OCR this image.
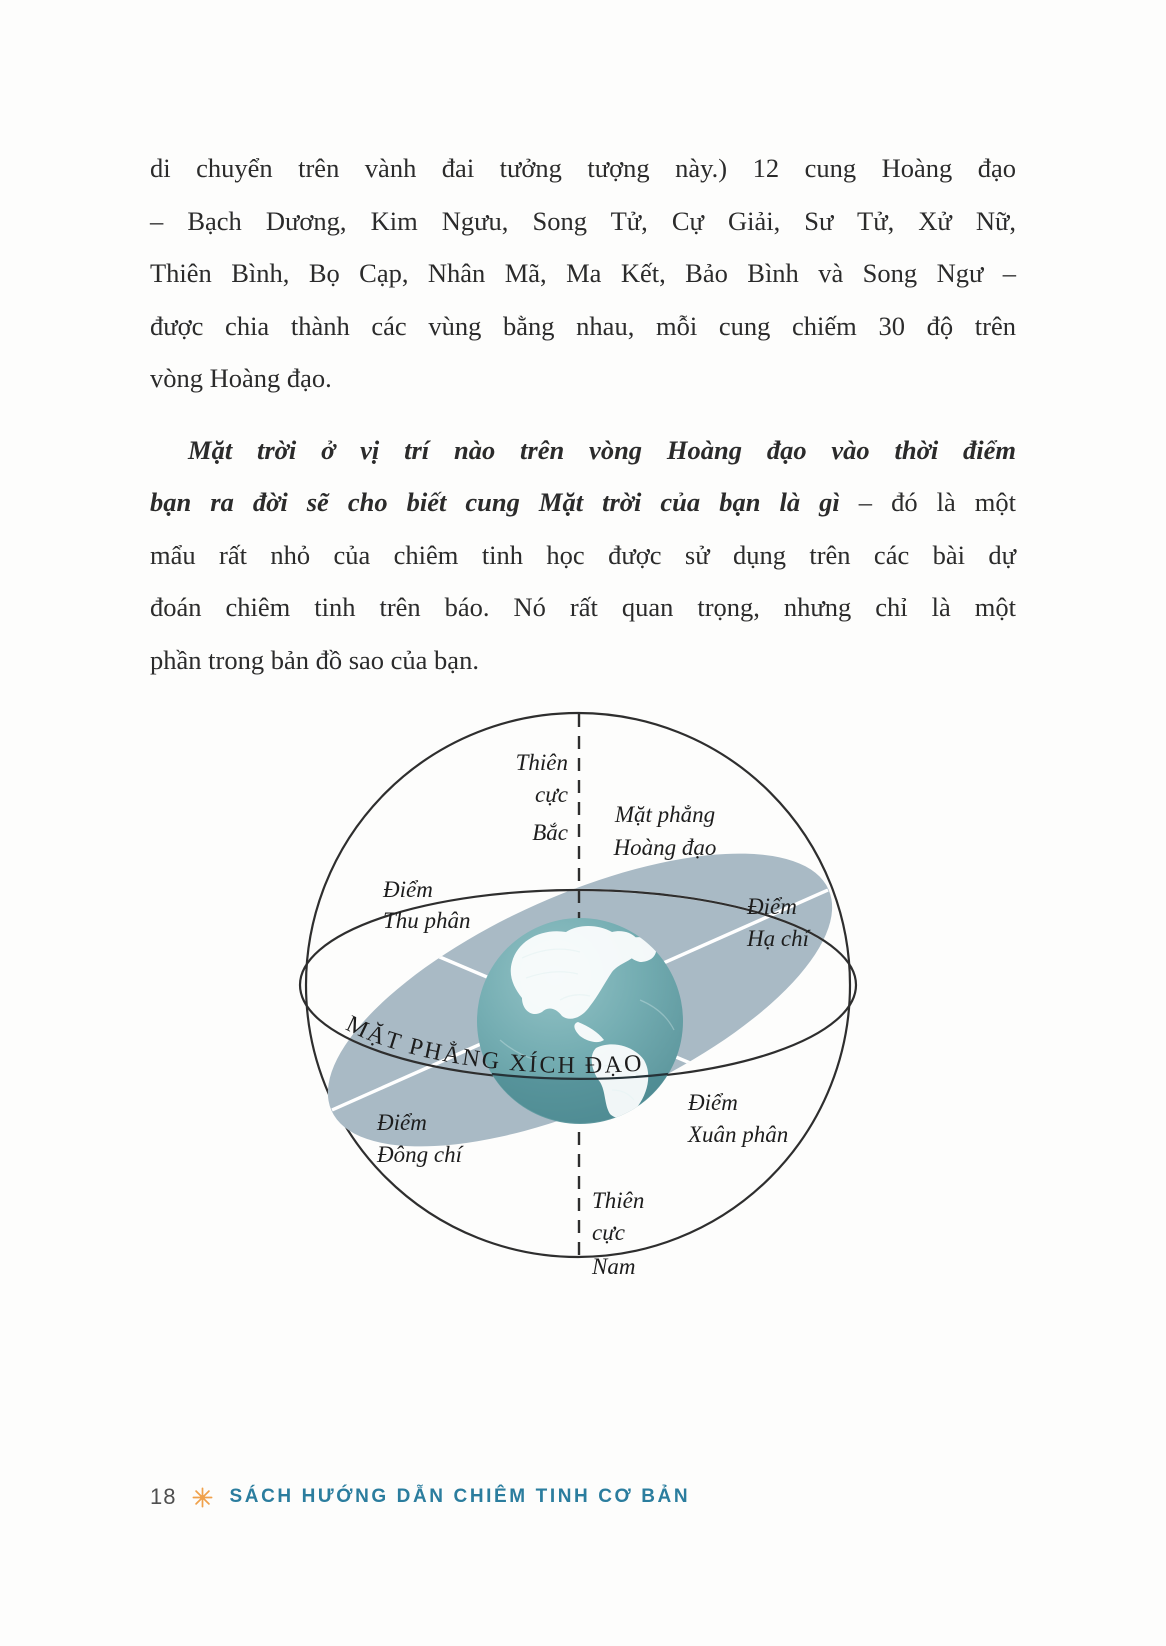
di chuyển trên vành đai tưởng tượng này.) 12 cung Hoàng đạo
– Bạch Dương, Kim Ngưu, Song Tử, Cự Giải, Sư Tử, Xử Nữ,
Thiên Bình, Bọ Cạp, Nhân Mã, Ma Kết, Bảo Bình và Song Ngư –
được chia thành các vùng bằng nhau, mỗi cung chiếm 30 độ trên
vòng Hoàng đạo.
Mặt trời ở vị trí nào trên vòng Hoàng đạo vào thời điểm
bạn ra đời sẽ cho biết cung Mặt trời của bạn là gì – đó là một
mẩu rất nhỏ của chiêm tinh học được sử dụng trên các bài dự
đoán chiêm tinh trên báo. Nó rất quan trọng, nhưng chỉ là một
phần trong bản đồ sao của bạn.
Thiên
cực
Bắc
Mặt phẳng
Hoàng đạo
Điểm
Thu phân
Điểm
Hạ chí
MẶT PHẲNG XÍCH ĐẠO
Điểm
Đông chí
Điểm
Xuân phân
Thiên
cực
Nam
18	SÁCH HƯỚNG DẪN CHIÊM TINH CƠ BẢN
